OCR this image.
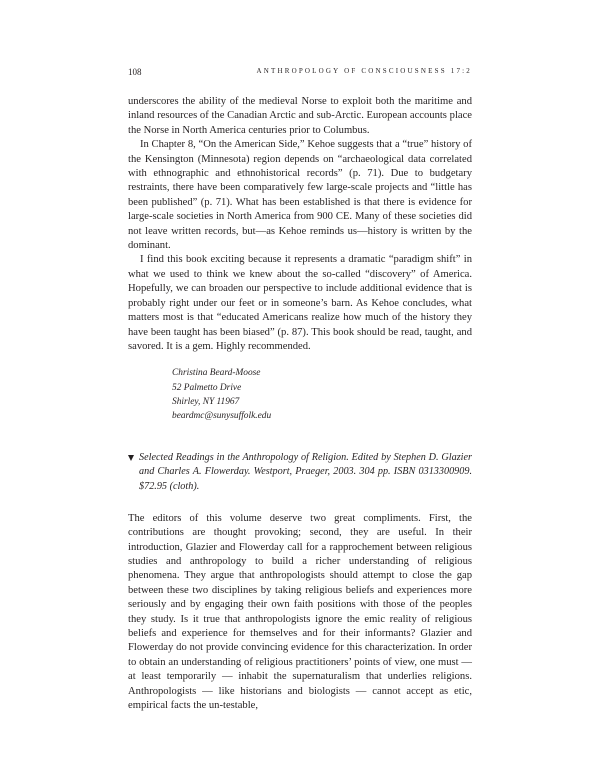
108	ANTHROPOLOGY OF CONSCIOUSNESS 17:2

underscores the ability of the medieval Norse to exploit both the maritime and inland resources of the Canadian Arctic and sub-Arctic. European accounts place the Norse in North America centuries prior to Columbus.

In Chapter 8, “On the American Side,” Kehoe suggests that a “true” history of the Kensington (Minnesota) region depends on “archaeological data correlated with ethnographic and ethnohistorical records” (p. 71). Due to budgetary restraints, there have been comparatively few large-scale projects and “little has been published” (p. 71). What has been established is that there is evidence for large-scale societies in North America from 900 CE. Many of these societies did not leave written records, but—as Kehoe reminds us—history is written by the dominant.

I find this book exciting because it represents a dramatic “paradigm shift” in what we used to think we knew about the so-called “discovery” of America. Hopefully, we can broaden our perspective to include additional evidence that is probably right under our feet or in someone’s barn. As Kehoe concludes, what matters most is that “educated Americans realize how much of the history they have been taught has been biased” (p. 87). This book should be read, taught, and savored. It is a gem. Highly recommended.

Christina Beard-Moose
52 Palmetto Drive
Shirley, NY 11967
beardmc@sunysuffolk.edu
Selected Readings in the Anthropology of Religion. Edited by Stephen D. Glazier and Charles A. Flowerday. Westport, Praeger, 2003. 304 pp. ISBN 0313300909. $72.95 (cloth).

The editors of this volume deserve two great compliments. First, the contributions are thought provoking; second, they are useful. In their introduction, Glazier and Flowerday call for a rapprochement between religious studies and anthropology to build a richer understanding of religious phenomena. They argue that anthropologists should attempt to close the gap between these two disciplines by taking religious beliefs and experiences more seriously and by engaging their own faith positions with those of the peoples they study. Is it true that anthropologists ignore the emic reality of religious beliefs and experience for themselves and for their informants? Glazier and Flowerday do not provide convincing evidence for this characterization. In order to obtain an understanding of religious practitioners’ points of view, one must — at least temporarily — inhabit the supernaturalism that underlies religions. Anthropologists — like historians and biologists — cannot accept as etic, empirical facts the un-testable,
